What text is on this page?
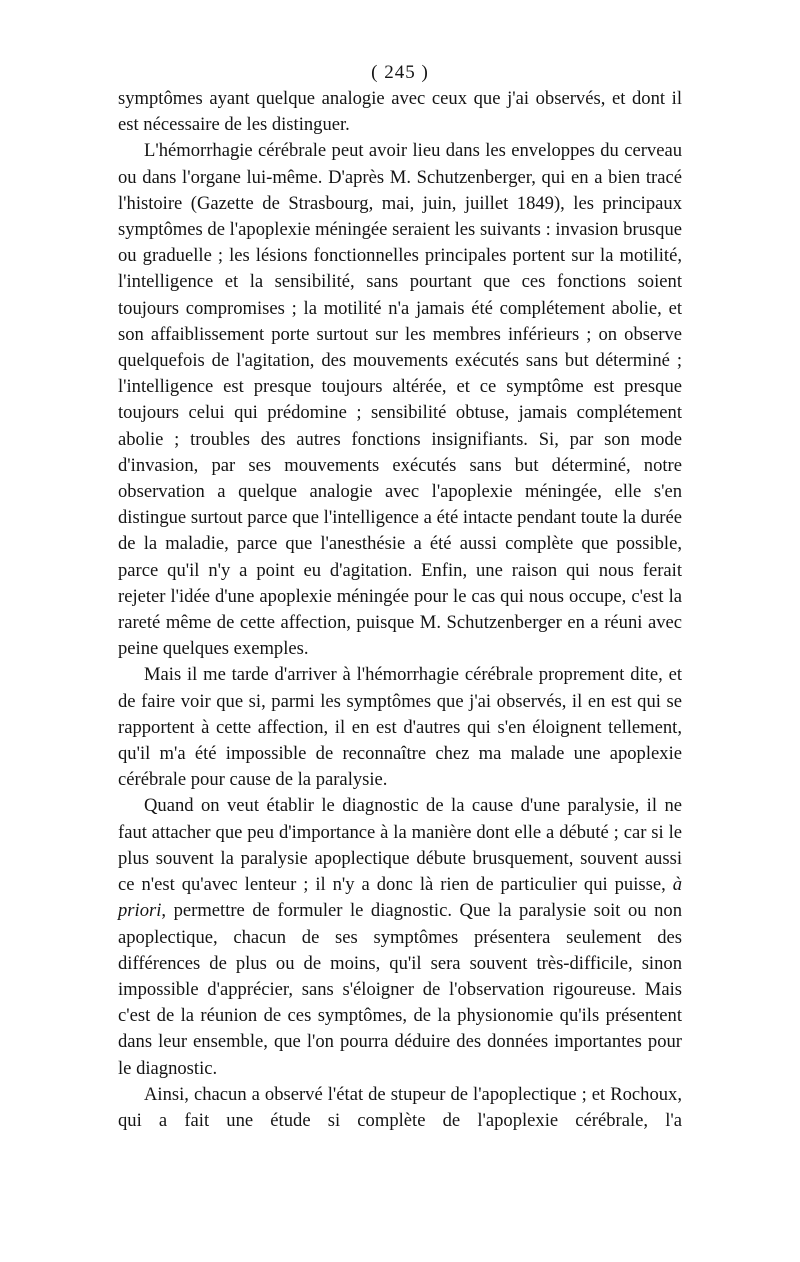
( 245 )

symptômes ayant quelque analogie avec ceux que j'ai observés, et dont il est nécessaire de les distinguer.

L'hémorrhagie cérébrale peut avoir lieu dans les enveloppes du cerveau ou dans l'organe lui-même. D'après M. Schutzenberger, qui en a bien tracé l'histoire (Gazette de Strasbourg, mai, juin, juillet 1849), les principaux symptômes de l'apoplexie méningée seraient les suivants : invasion brusque ou graduelle ; les lésions fonctionnelles principales portent sur la motilité, l'intelligence et la sensibilité, sans pourtant que ces fonctions soient toujours compromises ; la motilité n'a jamais été complétement abolie, et son affaiblissement porte surtout sur les membres inférieurs ; on observe quelquefois de l'agitation, des mouvements exécutés sans but déterminé ; l'intelligence est presque toujours altérée, et ce symptôme est presque toujours celui qui prédomine ; sensibilité obtuse, jamais complétement abolie ; troubles des autres fonctions insignifiants. Si, par son mode d'invasion, par ses mouvements exécutés sans but déterminé, notre observation a quelque analogie avec l'apoplexie méningée, elle s'en distingue surtout parce que l'intelligence a été intacte pendant toute la durée de la maladie, parce que l'anesthésie a été aussi complète que possible, parce qu'il n'y a point eu d'agitation. Enfin, une raison qui nous ferait rejeter l'idée d'une apoplexie méningée pour le cas qui nous occupe, c'est la rareté même de cette affection, puisque M. Schutzenberger en a réuni avec peine quelques exemples.

Mais il me tarde d'arriver à l'hémorrhagie cérébrale proprement dite, et de faire voir que si, parmi les symptômes que j'ai observés, il en est qui se rapportent à cette affection, il en est d'autres qui s'en éloignent tellement, qu'il m'a été impossible de reconnaître chez ma malade une apoplexie cérébrale pour cause de la paralysie.

Quand on veut établir le diagnostic de la cause d'une paralysie, il ne faut attacher que peu d'importance à la manière dont elle a débuté ; car si le plus souvent la paralysie apoplectique débute brusquement, souvent aussi ce n'est qu'avec lenteur ; il n'y a donc là rien de particulier qui puisse, à priori, permettre de formuler le diagnostic. Que la paralysie soit ou non apoplectique, chacun de ses symptômes présentera seulement des différences de plus ou de moins, qu'il sera souvent très-difficile, sinon impossible d'apprécier, sans s'éloigner de l'observation rigoureuse. Mais c'est de la réunion de ces symptômes, de la physionomie qu'ils présentent dans leur ensemble, que l'on pourra déduire des données importantes pour le diagnostic.

Ainsi, chacun a observé l'état de stupeur de l'apoplectique ; et Rochoux, qui a fait une étude si complète de l'apoplexie cérébrale, l'a
